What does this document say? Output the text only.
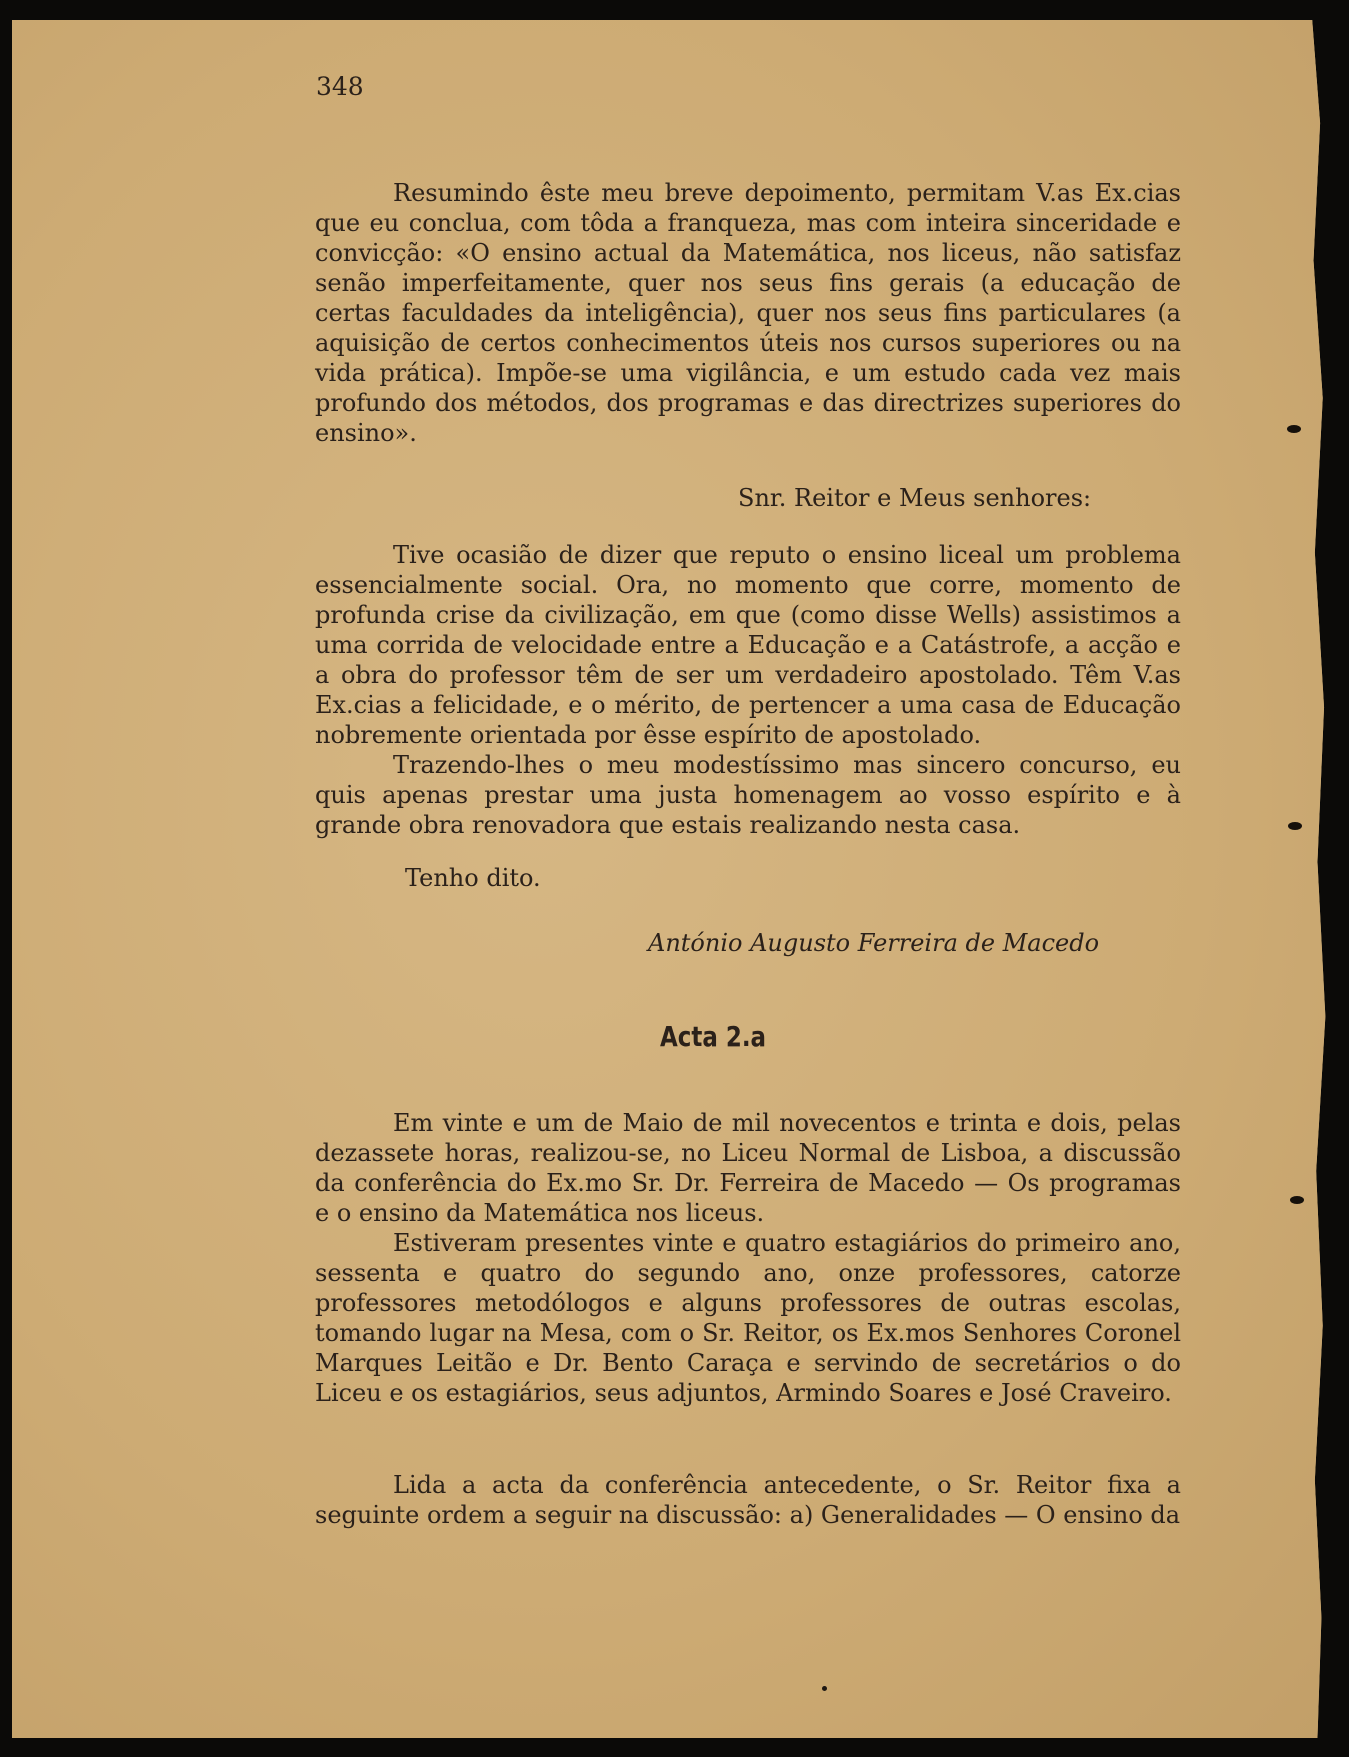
348

Resumindo êste meu breve depoimento, permitam V.as Ex.cias que eu conclua, com tôda a franqueza, mas com inteira sinceridade e convicção: «O ensino actual da Matemática, nos liceus, não satisfaz senão imperfeitamente, quer nos seus fins gerais (a educação de certas faculdades da inteligência), quer nos seus fins particulares (a aquisição de certos conhecimentos úteis nos cursos superiores ou na vida prática). Impõe-se uma vigilância, e um estudo cada vez mais profundo dos métodos, dos programas e das directrizes superiores do ensino».

Snr. Reitor e Meus senhores:

Tive ocasião de dizer que reputo o ensino liceal um problema essencialmente social. Ora, no momento que corre, momento de profunda crise da civilização, em que (como disse Wells) assistimos a uma corrida de velocidade entre a Educação e a Catástrofe, a acção e a obra do professor têm de ser um verdadeiro apostolado. Têm V.as Ex.cias a felicidade, e o mérito, de pertencer a uma casa de Educação nobremente orientada por êsse espírito de apostolado.

Trazendo-lhes o meu modestíssimo mas sincero concurso, eu quis apenas prestar uma justa homenagem ao vosso espírito e à grande obra renovadora que estais realizando nesta casa.

Tenho dito.
António Augusto Ferreira de Macedo
Acta 2.a

Em vinte e um de Maio de mil novecentos e trinta e dois, pelas dezassete horas, realizou-se, no Liceu Normal de Lisboa, a discussão da conferência do Ex.mo Sr. Dr. Ferreira de Macedo — Os programas e o ensino da Matemática nos liceus.

Estiveram presentes vinte e quatro estagiários do primeiro ano, sessenta e quatro do segundo ano, onze professores, catorze professores metodólogos e alguns professores de outras escolas, tomando lugar na Mesa, com o Sr. Reitor, os Ex.mos Senhores Coronel Marques Leitão e Dr. Bento Caraça e servindo de secretários o do Liceu e os estagiários, seus adjuntos, Armindo Soares e José Craveiro.

Lida a acta da conferência antecedente, o Sr. Reitor fixa a seguinte ordem a seguir na discussão: a) Generalidades — O ensino da
